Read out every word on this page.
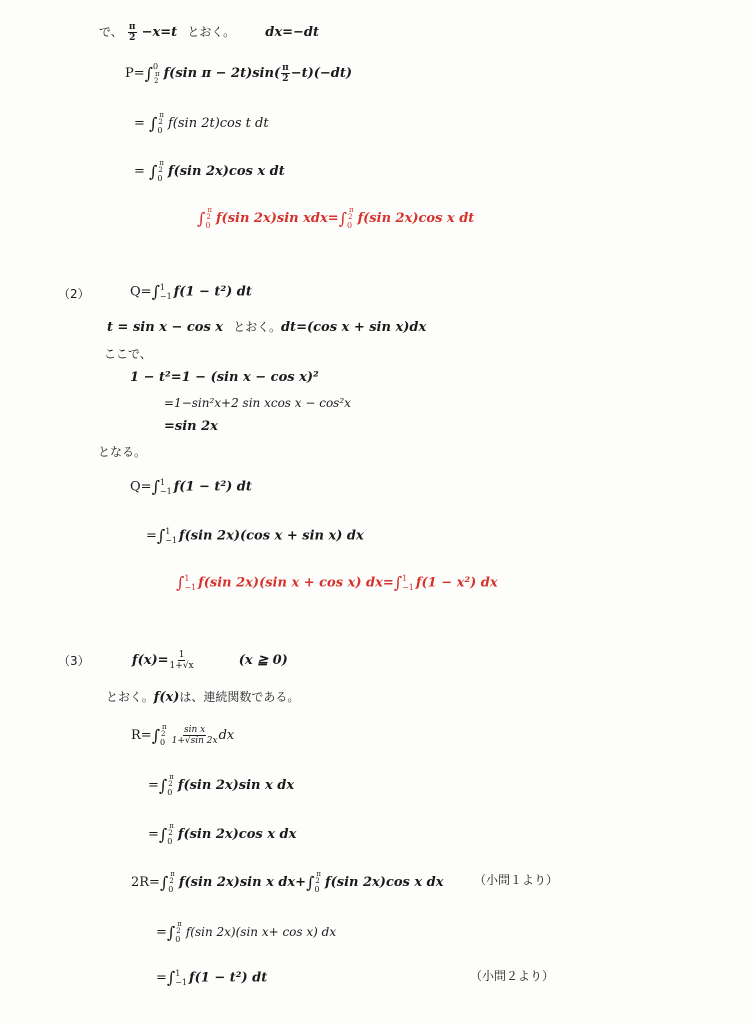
で、 $\frac{\pi}{2} -x=t$ とおく。 dx=−dt
P= ∫ 0
π
2 f(sin $\pi - 2t)\sin( \frac{\pi}{2} -t)(-dt)$
= ∫ π
2
0 f(sin 2t)cos t dt
= ∫ π
2
0 f(sin 2x)cos x dt
∫ π
2
0 f(sin 2x)sin xdx= ∫ π
2
0 f(sin 2x)cos x dt
（2）	Q= ∫ 1
−1 f(1 − t²) dt
t = sin x − cos x とおく。dt=(cos x + sin x)dx
ここで、
1 − t²=1 − (sin x − cos x)²
=1−sin²x+2 sin xcos x − cos²x
=sin 2x
となる。
Q= ∫ 1
−1 f(1 − t²) dt
= ∫ 1
−1 f(sin 2x)(cos x + sin x) dx
∫ 1
−1 f(sin 2x)(sin x + cos x) dx= ∫ 1
−1 f(1 − x²) dx
（3）	$f(x)= \frac{1}{1+√x}$	(x ≧ 0)
とおく。f(x)は、連続関数である。
R= ∫ π
2
$0 \frac{\text{sin x}}{1+√\sin 2x}$ dx
= ∫ π
2
0 f(sin 2x)sin x dx
= ∫ π
2
0 f(sin 2x)cos x dx
2R= ∫ π
2
0 f(sin 2x)sin x dx+ ∫ π
2
0 f(sin 2x)cos x dx	（小問１より）
= ∫ π
2
0
f(sin 2x)(sin x+ cos x) dx
= ∫ 1
−1 f(1 − t²) dt	（小問２より）
